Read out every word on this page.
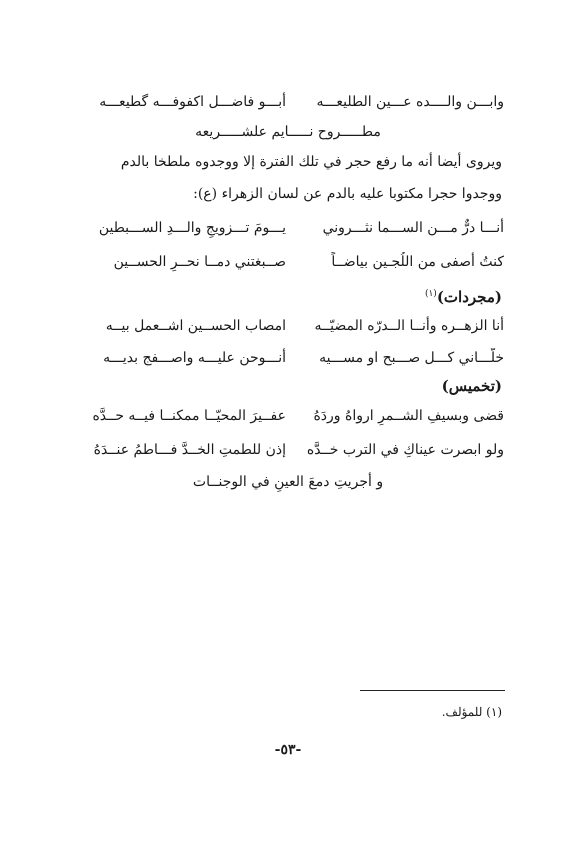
وابـــن والــــده عـــين الطليعـــه
أبـــو فاضـــل اكفوفـــه گطيعـــه
مطـــــروح نـــــايم علشـــــريعه
ويروى أيضا أنه ما رفع حجر في تلك الفترة إلا ووجدوه ملطخا بالدم
ووجدوا حجرا مكتوبا عليه بالدم عن لسان الزهراء (ع):
أنـــا درٌّ مـــن الســـما نثـــروني
يـــومَ تـــزويجِ والـــدِ الســـبطين
كنتُ أصفى من اللُجـين بياضــاً
صــبغتني دمــا نحــرِ الحســين
(مجردات)$^{(١)}$
أنا الزهــره وأنــا الــدرّه المضيّــه
امصاب الحســين اشــعمل بيــه
خلّـــاني كـــل صـــبح او مســـيه
أنـــوحن عليـــه واصـــفج بديـــه
(تخميس)
قضى وبسيفِ الشــمرِ ارواهُ وردَهُ
عفــيرَ المحيّــا ممكنــا فيــه حــدَّه
ولو ابصرت عيناكِ في الترب خــدَّه
إذن للطمتِ الخــدَّ فـــاطمُ عنــدَهُ
و أجريتِ دمعَ العينِ في الوجنــات
(١) للمؤلف.
-٥٣-
